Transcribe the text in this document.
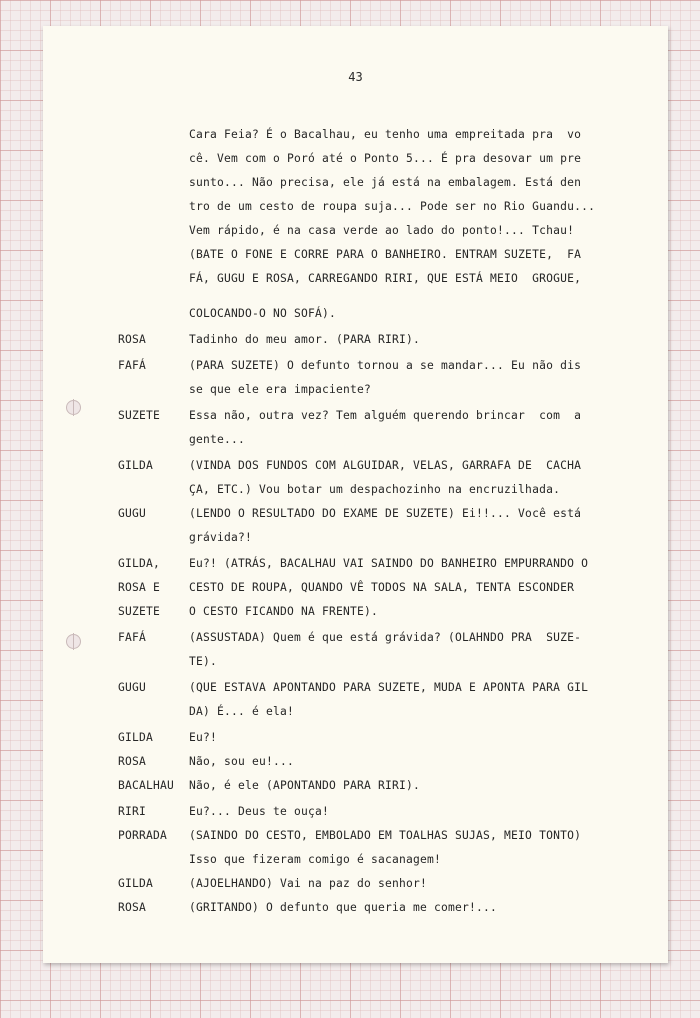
43
Cara Feia? É o Bacalhau, eu tenho uma empreitada pra  vo
cê. Vem com o Poró até o Ponto 5... É pra desovar um pre
sunto... Não precisa, ele já está na embalagem. Está den
tro de um cesto de roupa suja... Pode ser no Rio Guandu...
Vem rápido, é na casa verde ao lado do ponto!... Tchau!
(BATE O FONE E CORRE PARA O BANHEIRO. ENTRAM SUZETE,  FA
FÁ, GUGU E ROSA, CARREGANDO RIRI, QUE ESTÁ MEIO  GROGUE,
COLOCANDO-O NO SOFÁ).
ROSA	Tadinho do meu amor. (PARA RIRI).
FAFÁ	(PARA SUZETE) O defunto tornou a se mandar... Eu não dis
se que ele era impaciente?
SUZETE	Essa não, outra vez? Tem alguém querendo brincar  com  a
gente...
GILDA	(VINDA DOS FUNDOS COM ALGUIDAR, VELAS, GARRAFA DE  CACHA
ÇA, ETC.) Vou botar um despachozinho na encruzilhada.
GUGU	(LENDO O RESULTADO DO EXAME DE SUZETE) Ei!!... Você está
grávida?!
GILDA,	Eu?! (ATRÁS, BACALHAU VAI SAINDO DO BANHEIRO EMPURRANDO O
ROSA E	CESTO DE ROUPA, QUANDO VÊ TODOS NA SALA, TENTA ESCONDER
SUZETE	O CESTO FICANDO NA FRENTE).
FAFÁ	(ASSUSTADA) Quem é que está grávida? (OLAHNDO PRA  SUZE-
TE).
GUGU	(QUE ESTAVA APONTANDO PARA SUZETE, MUDA E APONTA PARA GIL
DA) É... é ela!
GILDA	Eu?!
ROSA	Não, sou eu!...
BACALHAU Não, é ele (APONTANDO PARA RIRI).
RIRI	Eu?... Deus te ouça!
PORRADA (SAINDO DO CESTO, EMBOLADO EM TOALHAS SUJAS, MEIO TONTO)
Isso que fizeram comigo é sacanagem!
GILDA	(AJOELHANDO) Vai na paz do senhor!
ROSA	(GRITANDO) O defunto que queria me comer!...
